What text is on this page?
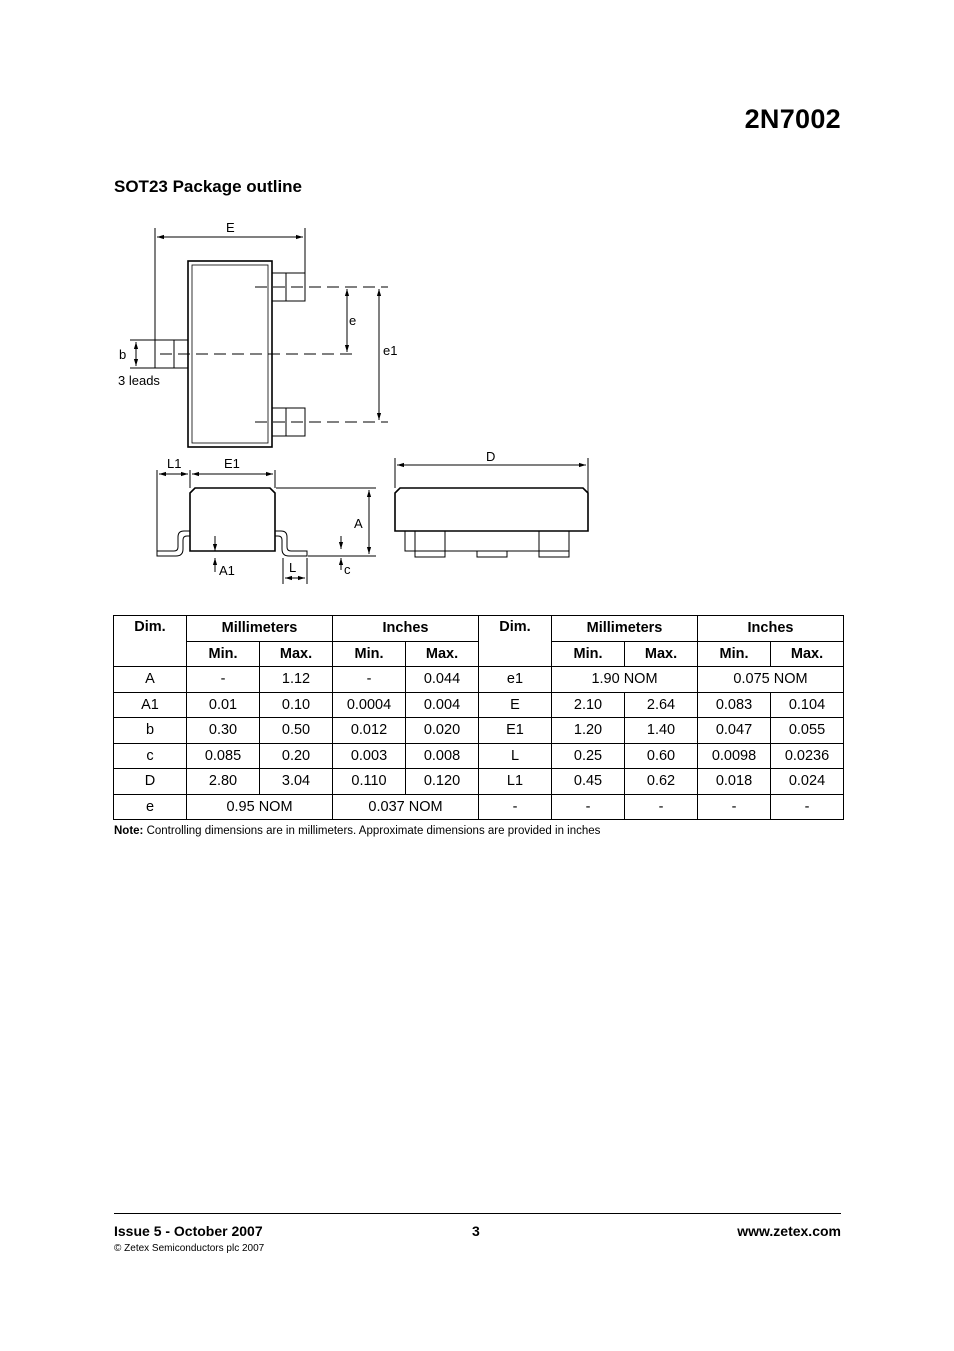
2N7002
SOT23 Package outline
E
e
e1
b
3 leads
L1	E1	D
A
A1	L	c
Dim.	Millimeters		Inches		Dim.	Millimeters		Inches	
	Min.	Max.	Min.	Max.		Min.	Max.	Min.	Max.
A	-	1.12	-	0.044	e1	1.90 NOM		0.075 NOM	
A1	0.01	0.10	0.0004	0.004	E	2.10	2.64	0.083	0.104
b	0.30	0.50	0.012	0.020	E1	1.20	1.40	0.047	0.055
c	0.085	0.20	0.003	0.008	L	0.25	0.60	0.0098	0.0236
D	2.80	3.04	0.110	0.120	L1	0.45	0.62	0.018	0.024
e	0.95 NOM		0.037 NOM		-	-	-	-	-
Note: Controlling dimensions are in millimeters. Approximate dimensions are provided in inches
Issue 5 - October 2007	3	www.zetex.com
© Zetex Semiconductors plc 2007
